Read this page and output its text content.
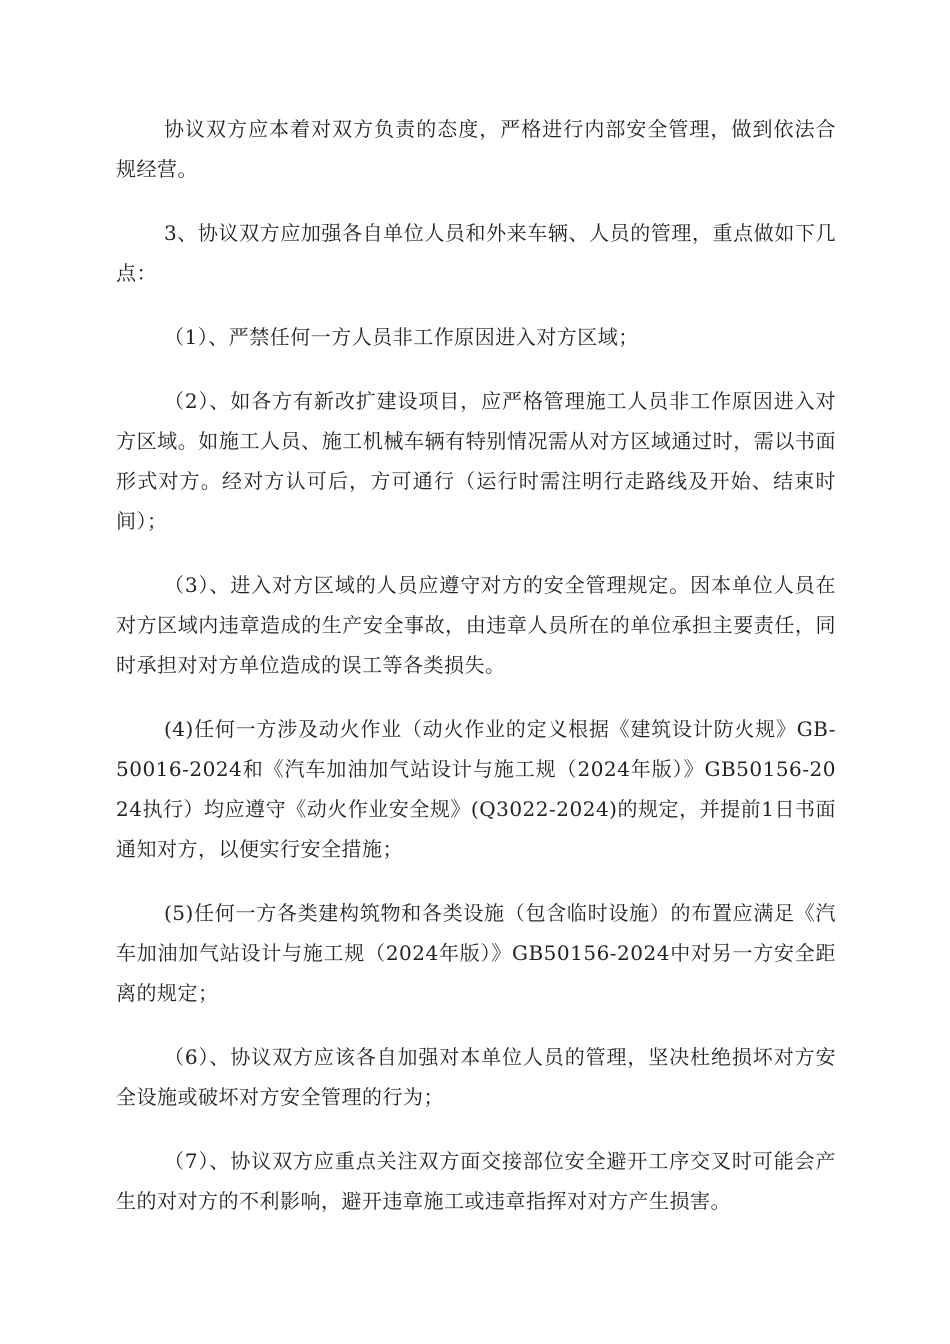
协议双方应本着对双方负责的态度，严格进行内部安全管理，做到依法合规经营。

3、协议双方应加强各自单位人员和外来车辆、人员的管理，重点做如下几点：

（1）、严禁任何一方人员非工作原因进入对方区域；

（2）、如各方有新改扩建设项目，应严格管理施工人员非工作原因进入对方区域。如施工人员、施工机械车辆有特别情况需从对方区域通过时，需以书面形式对方。经对方认可后，方可通行（运行时需注明行走路线及开始、结束时间）；

（3）、进入对方区域的人员应遵守对方的安全管理规定。因本单位人员在对方区域内违章造成的生产安全事故，由违章人员所在的单位承担主要责任，同时承担对对方单位造成的误工等各类损失。

(4)任何一方涉及动火作业（动火作业的定义根据《建筑设计防火规》GB-50016-2024和《汽车加油加气站设计与施工规（2024年版）》GB50156-2024执行）均应遵守《动火作业安全规》(Q3022-2024)的规定，并提前1日书面通知对方，以便实行安全措施；

(5)任何一方各类建构筑物和各类设施（包含临时设施）的布置应满足《汽车加油加气站设计与施工规（2024年版）》GB50156-2024中对另一方安全距离的规定；

（6）、协议双方应该各自加强对本单位人员的管理，坚决杜绝损坏对方安全设施或破坏对方安全管理的行为；

（7）、协议双方应重点关注双方面交接部位安全避开工序交叉时可能会产生的对对方的不利影响，避开违章施工或违章指挥对对方产生损害。
